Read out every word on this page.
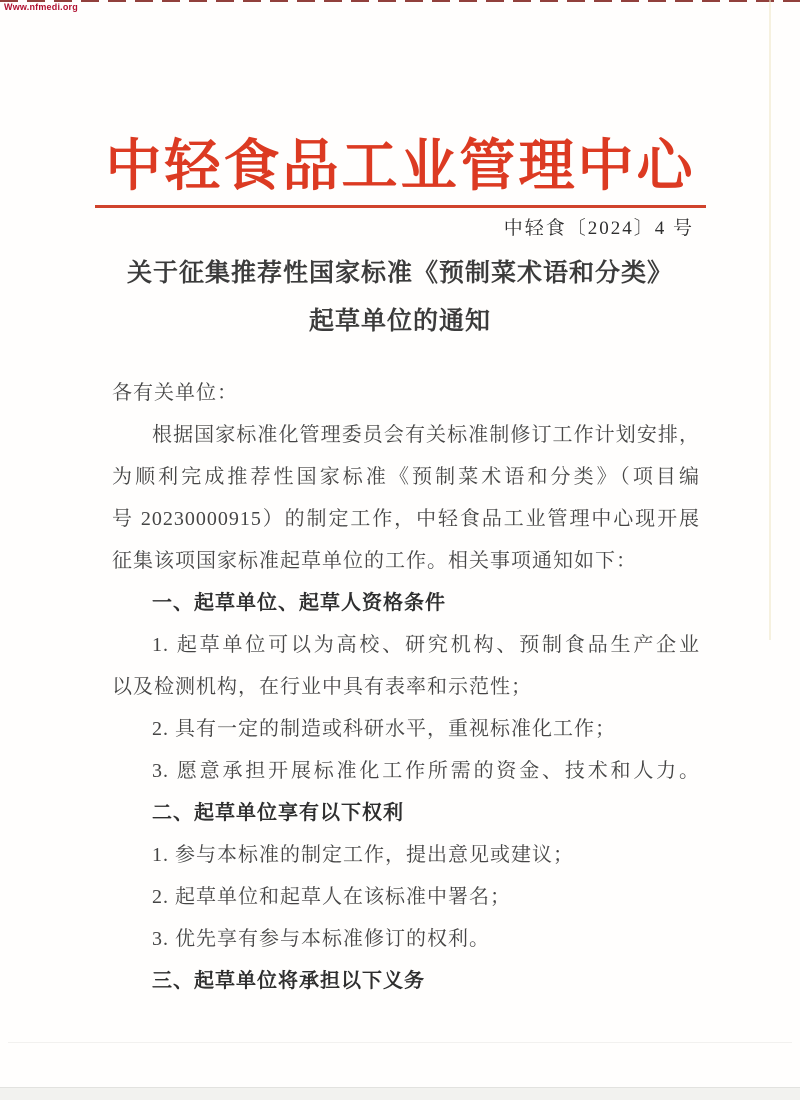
Www.nfmedi.org
中轻食品工业管理中心
中轻食〔2024〕4 号
关于征集推荐性国家标准《预制菜术语和分类》
起草单位的通知
各有关单位：
根据国家标准化管理委员会有关标准制修订工作计划安排，
为顺利完成推荐性国家标准《预制菜术语和分类》（项目编
号 20230000915）的制定工作，中轻食品工业管理中心现开展
征集该项国家标准起草单位的工作。相关事项通知如下：
一、起草单位、起草人资格条件
1. 起草单位可以为高校、研究机构、预制食品生产企业
以及检测机构，在行业中具有表率和示范性；
2. 具有一定的制造或科研水平，重视标准化工作；
3. 愿意承担开展标准化工作所需的资金、技术和人力。
二、起草单位享有以下权利
1. 参与本标准的制定工作，提出意见或建议；
2. 起草单位和起草人在该标准中署名；
3. 优先享有参与本标准修订的权利。
三、起草单位将承担以下义务
